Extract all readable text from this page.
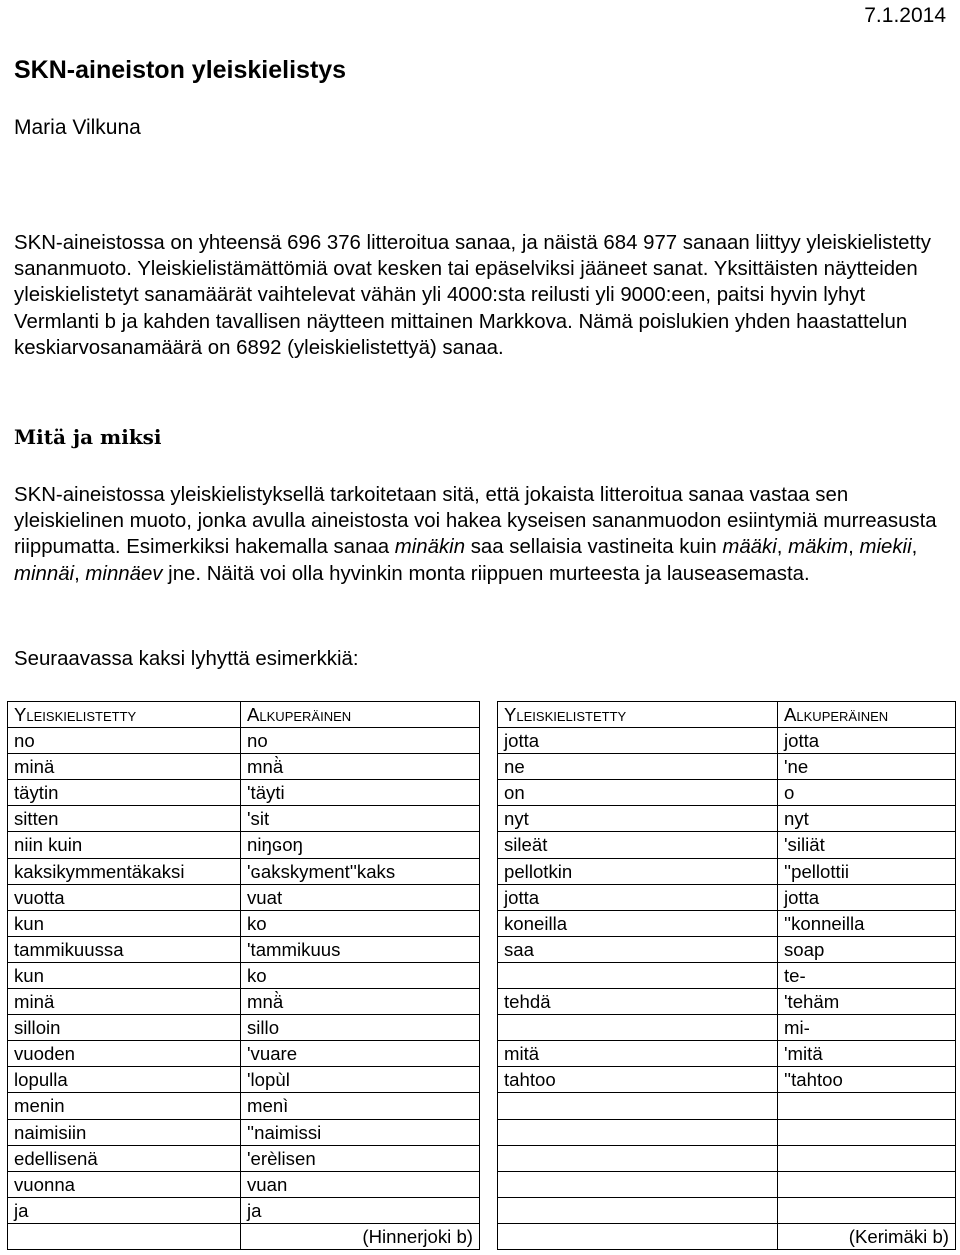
7.1.2014
SKN-aineiston yleiskielistys
Maria Vilkuna

SKN-aineistossa on yhteensä 696 376 litteroitua sanaa, ja näistä 684 977 sanaan liittyy yleiskielistetty sananmuoto. Yleiskielistämättömiä ovat kesken tai epäselviksi jääneet sanat. Yksittäisten näytteiden yleiskielistetyt sanamäärät vaihtelevat vähän yli 4000:sta reilusti yli 9000:een, paitsi hyvin lyhyt Vermlanti b ja kahden tavallisen näytteen mittainen Markkova. Nämä poislukien yhden haastattelun keskiarvosanamäärä on 6892 (yleiskielistettyä) sanaa.

Mitä ja miksi

SKN-aineistossa yleiskielistyksellä tarkoitetaan sitä, että jokaista litteroitua sanaa vastaa sen yleiskielinen muoto, jonka avulla aineistosta voi hakea kyseisen sananmuodon esiintymiä murreasusta riippumatta. Esimerkiksi hakemalla sanaa minäkin saa sellaisia vastineita kuin määki, mäkim, miekii, minnäi, minnäev jne. Näitä voi olla hyvinkin monta riippuen murteesta ja lauseasemasta.

Seuraavassa kaksi lyhyttä esimerkkiä:
Yleiskielistetty	Alkuperäinen
no	no
minä	mnä̀
täytin	'täyti
sitten	'sit
niin kuin	niŋɢoŋ
kaksikymmentäkaksi	'ɢakskyment''kaks
vuotta	vuat
kun	ko
tammikuussa	'tammikuus
kun	ko
minä	mnä̀
silloin	sillo
vuoden	'vuare
lopulla	'lopùl
menin	menì
naimisiin	''naimissi
edellisenä	'erèlisen
vuonna	vuan
ja	ja
	(Hinnerjoki b)
Yleiskielistetty	Alkuperäinen
jotta	jotta
ne	'ne
on	o
nyt	nyt
sileät	'siliät
pellotkin	''pellottii
jotta	jotta
koneilla	''konneilla
saa	soap
	te-
tehdä	'tehäm
	mi-
mitä	'mitä
tahtoo	''tahtoo

	(Kerimäki b)
